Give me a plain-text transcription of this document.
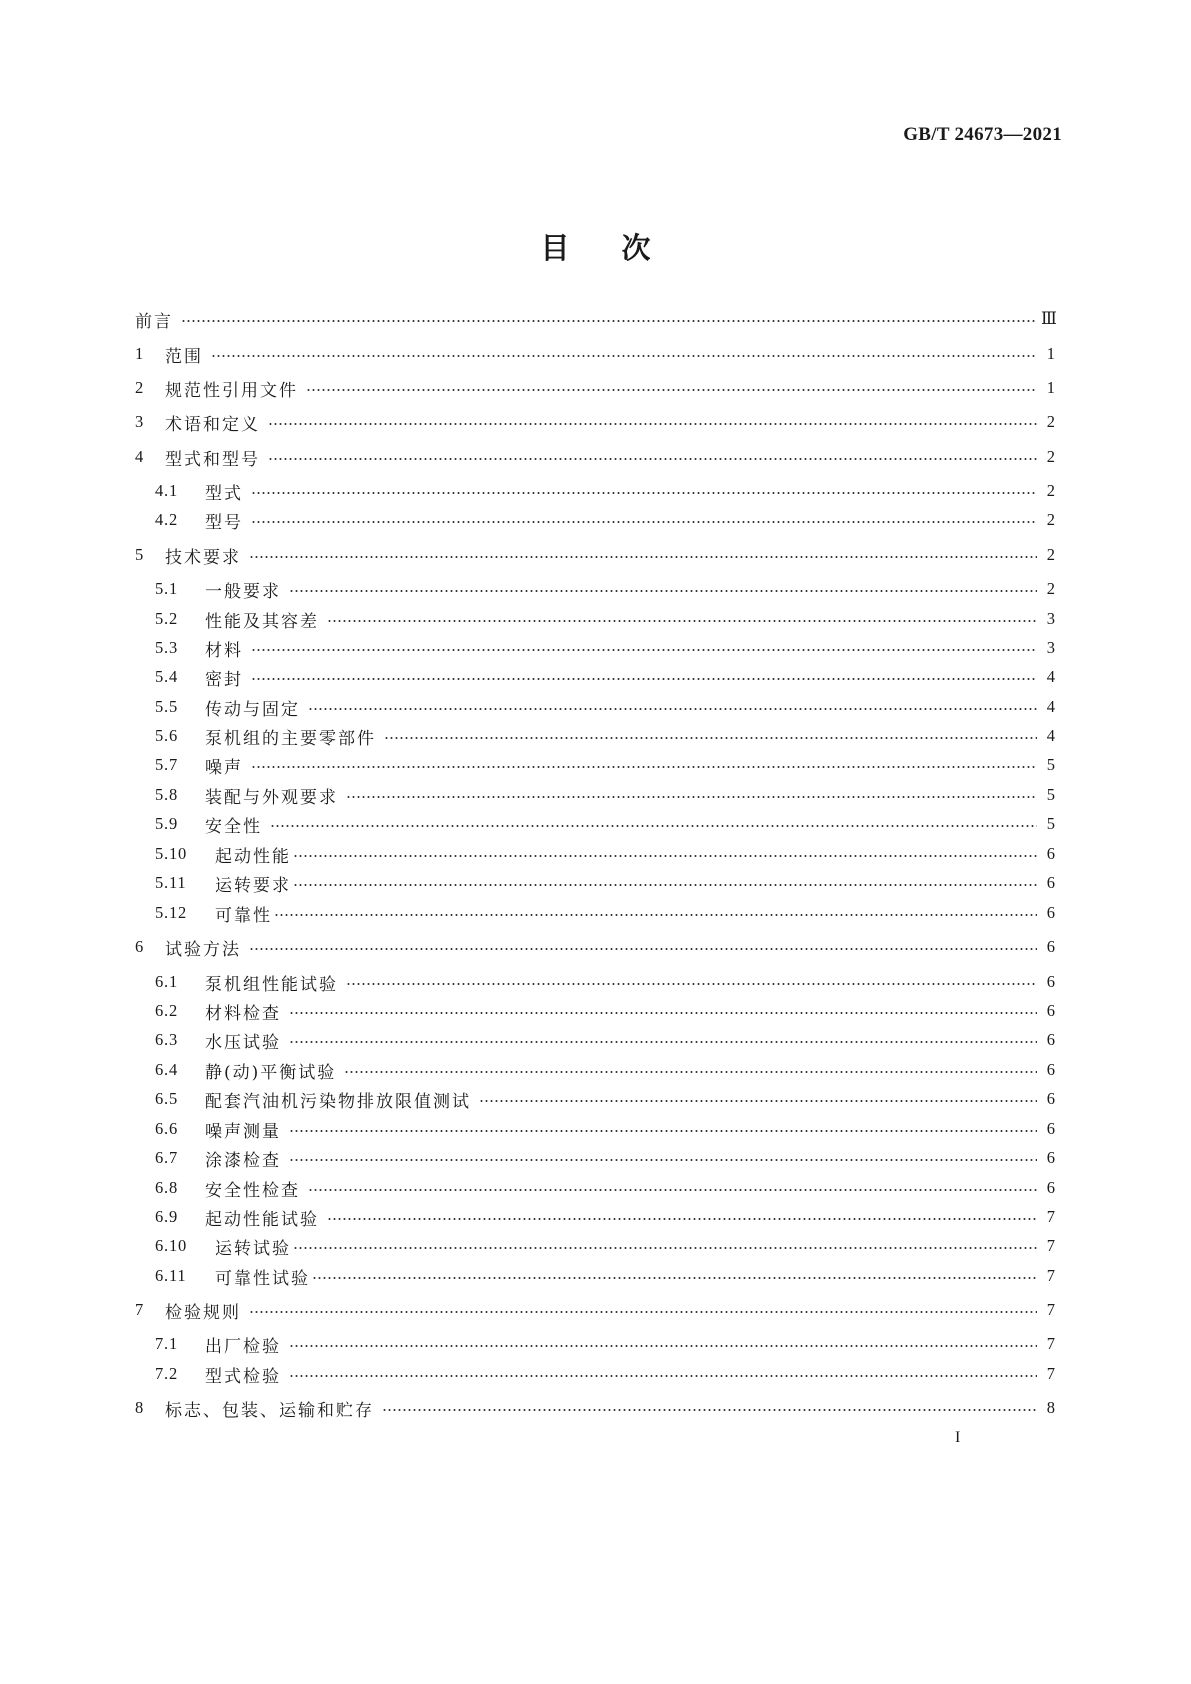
GB/T 24673—2021
目次
前言	Ⅲ
1	范围	1
2	规范性引用文件	1
3	术语和定义	2
4	型式和型号	2
4.1	型式	2
4.2	型号	2
5	技术要求	2
5.1	一般要求	2
5.2	性能及其容差	3
5.3	材料	3
5.4	密封	4
5.5	传动与固定	4
5.6	泵机组的主要零部件	4
5.7	噪声	5
5.8	装配与外观要求	5
5.9	安全性	5
5.10	起动性能	6
5.11	运转要求	6
5.12	可靠性	6
6	试验方法	6
6.1	泵机组性能试验	6
6.2	材料检查	6
6.3	水压试验	6
6.4	静(动)平衡试验	6
6.5	配套汽油机污染物排放限值测试	6
6.6	噪声测量	6
6.7	涂漆检查	6
6.8	安全性检查	6
6.9	起动性能试验	7
6.10	运转试验	7
6.11	可靠性试验	7
7	检验规则	7
7.1	出厂检验	7
7.2	型式检验	7
8	标志、包装、运输和贮存	8
I
